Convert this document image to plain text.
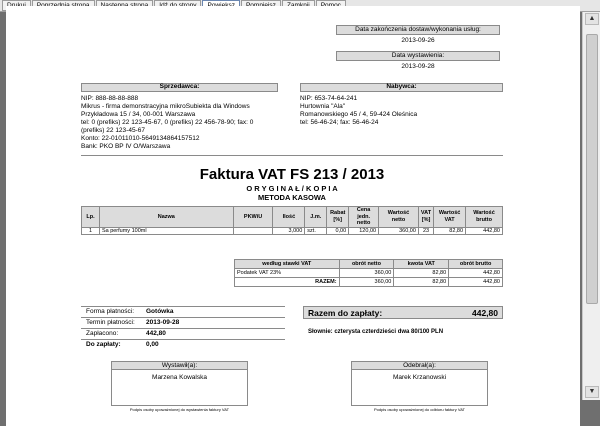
Data zakończenia dostaw/wykonania usług:
2013-09-26
Data wystawienia:
2013-09-28
Sprzedawca:
NIP: 888-88-88-888
Mikrus - firma demonstracyjna mikroSubiekta dla Windows
Przykładowa 15 / 34, 00-001 Warszawa
tel: 0 (prefiks) 22 123-45-67, 0 (prefiks) 22 456-78-90; fax: 0
(prefiks) 22 123-45-67
Konto: 22-01011010-5649134864157512
Bank: PKO BP IV O/Warszawa
Nabywca:
NIP: 653-74-64-241
Hurtownia "Ala"
Romanowskiego 45 / 4, 59-424 Oleśnica
tel: 56-46-24; fax: 56-46-24
Faktura VAT FS 213 / 2013
O R Y G I N A Ł / K O P I A
METODA KASOWA
Lp.	Nazwa	PKWiU	Ilość	J.m.	Rabat [%]	Cena jedn. netto	Wartość netto	VAT [%]	Wartość VAT	Wartość brutto
1	Sa perfumy 100ml		3,000	szt.	0,00	120,00	360,00	23	82,80	442,80
według stawki VAT	obrót netto	kwota VAT	obrót brutto
Podatek VAT 23%	360,00	82,80	442,80
RAZEM:	360,00	82,80	442,80
Forma płatności: Gotówka
Termin płatności: 2013-09-28
Zapłacono:	442,80
Do zapłaty:	0,00
Razem do zapłaty:	442,80
Słownie: czterysta czterdzieści dwa 80/100 PLN
Wystawił(a):
Marzena Kowalska
Podpis osoby upoważnionej do wystawienia faktury VAT
Odebrał(a):
Marek Krzanowski
Podpis osoby upoważnionej do odbioru faktury VAT
▲
▼
